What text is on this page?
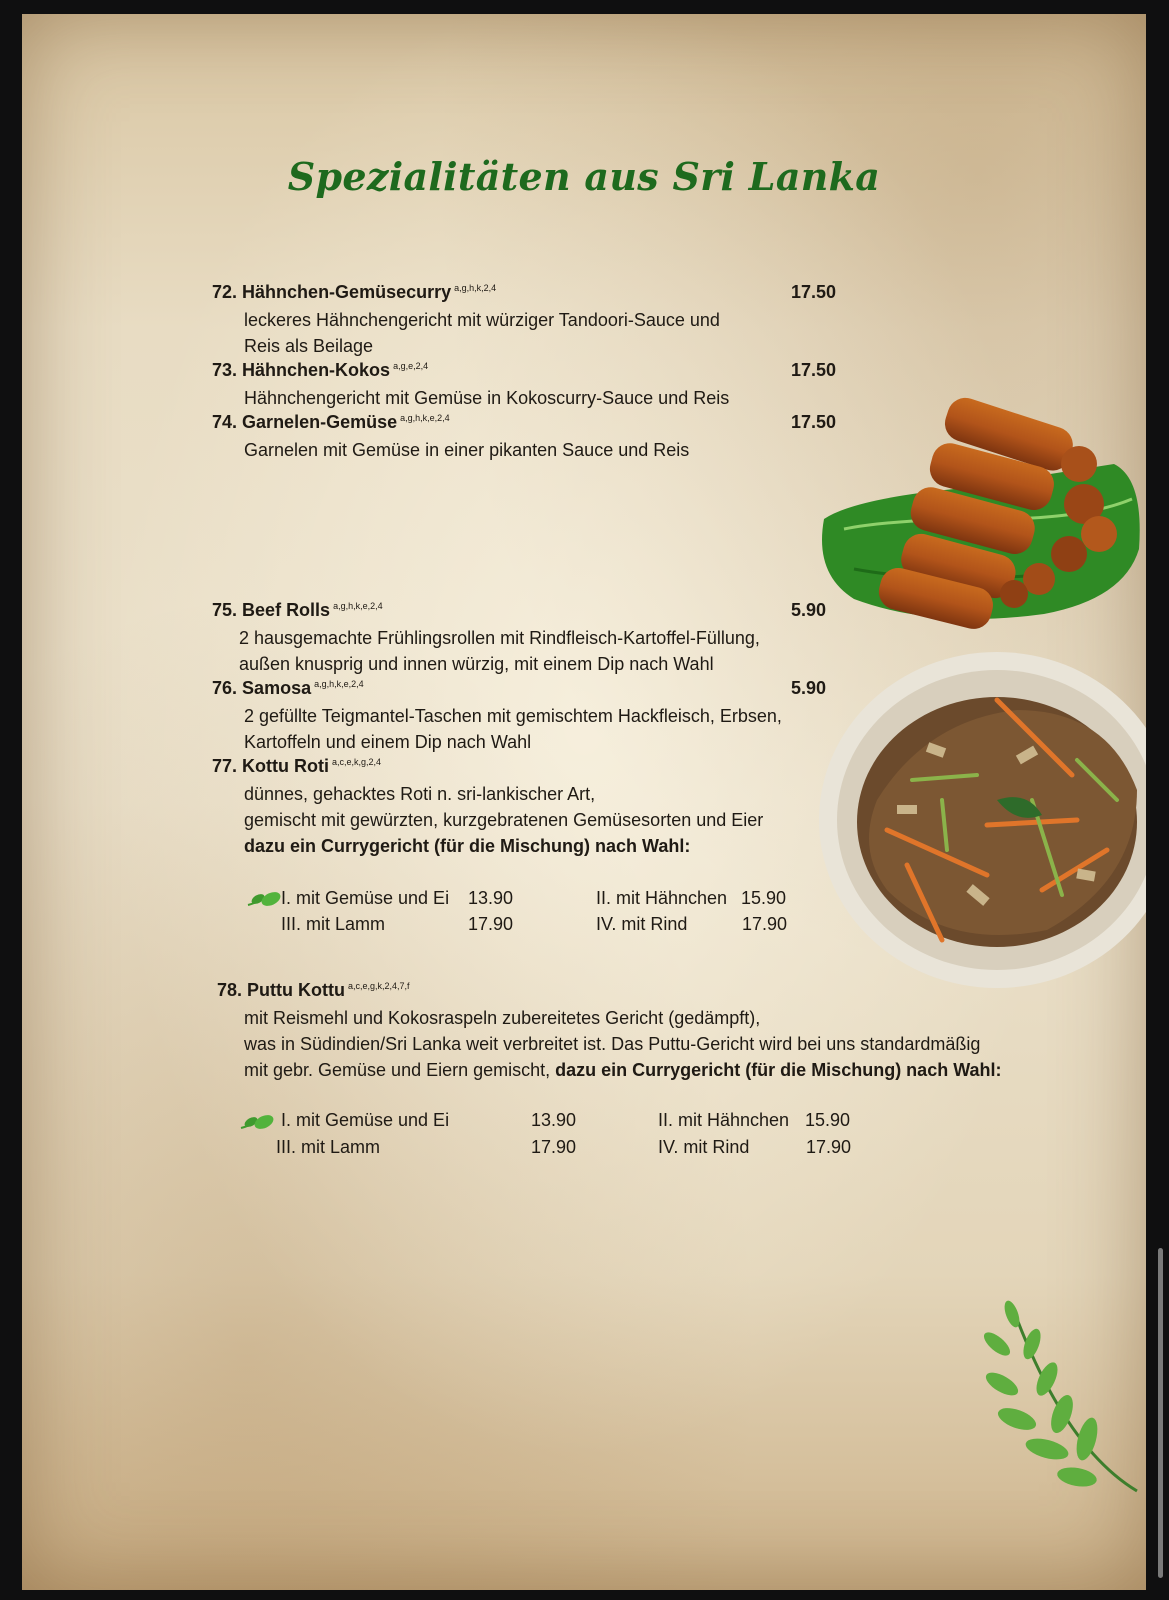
Spezialitäten aus Sri Lanka
72. Hähnchen-Gemüsecurry $^{a,g,h,k,2,4}$	17.50
leckeres Hähnchengericht mit würziger Tandoori-Sauce und
Reis als Beilage
73. Hähnchen-Kokos $^{a,g,e,2,4}$	17.50
Hähnchengericht mit Gemüse in Kokoscurry-Sauce und Reis
74. Garnelen-Gemüse $^{a,g,h,k,e,2,4}$	17.50
Garnelen mit Gemüse in einer pikanten Sauce und Reis
75. Beef Rolls $^{a,g,h,k,e,2,4}$	5.90
2 hausgemachte Frühlingsrollen mit Rindfleisch-Kartoffel-Füllung,
außen knusprig und innen würzig, mit einem Dip nach Wahl
76. Samosa $^{a,g,h,k,e,2,4}$	5.90
2 gefüllte Teigmantel-Taschen mit gemischtem Hackfleisch, Erbsen,
Kartoffeln und einem Dip nach Wahl
77. Kottu Roti $^{a,c,e,k,g,2,4}$
dünnes, gehacktes Roti n. sri-lankischer Art,
gemischt mit gewürzten, kurzgebratenen Gemüsesorten und Eier
dazu ein Currygericht (für die Mischung) nach Wahl:
I. mit Gemüse und Ei 13.90	II. mit Hähnchen 15.90
III. mit Lamm	17.90	IV. mit Rind	17.90
78. Puttu Kottu $^{a,c,e,g,k,2,4,7,f}$
mit Reismehl und Kokosraspeln zubereitetes Gericht (gedämpft),
was in Südindien/Sri Lanka weit verbreitet ist. Das Puttu-Gericht wird bei uns standardmäßig
mit gebr. Gemüse und Eiern gemischt, dazu ein Currygericht (für die Mischung) nach Wahl:
I. mit Gemüse und Ei	13.90	II. mit Hähnchen 15.90
III. mit Lamm	17.90	IV. mit Rind	17.90
